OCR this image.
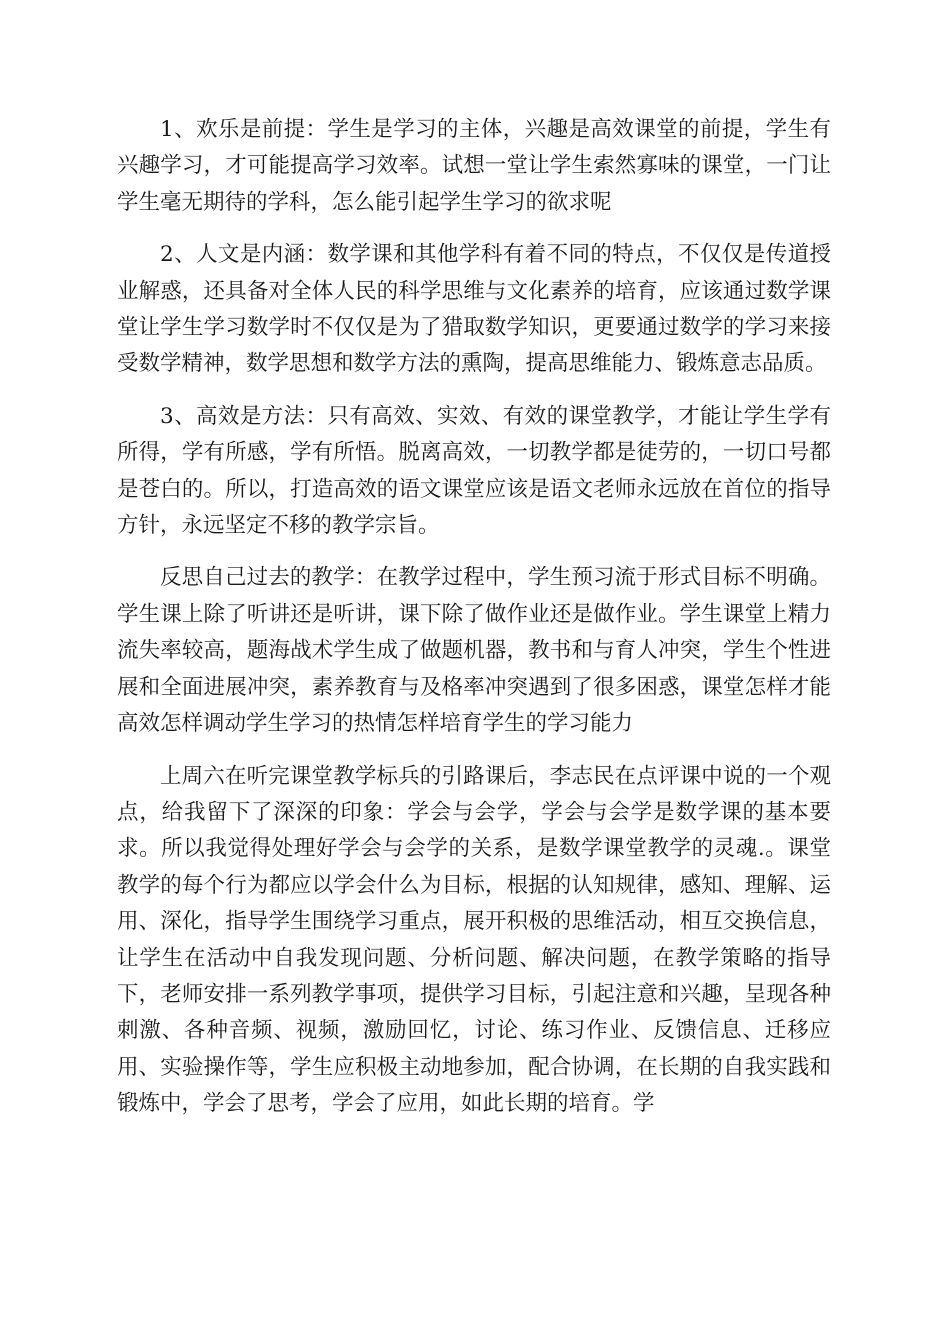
1、欢乐是前提：学生是学习的主体，兴趣是高效课堂的前提，学生有兴趣学习，才可能提高学习效率。试想一堂让学生索然寡味的课堂，一门让学生毫无期待的学科，怎么能引起学生学习的欲求呢

2、人文是内涵：数学课和其他学科有着不同的特点，不仅仅是传道授业解惑，还具备对全体人民的科学思维与文化素养的培育，应该通过数学课堂让学生学习数学时不仅仅是为了猎取数学知识，更要通过数学的学习来接受数学精神，数学思想和数学方法的熏陶，提高思维能力、锻炼意志品质。

3、高效是方法：只有高效、实效、有效的课堂教学，才能让学生学有所得，学有所感，学有所悟。脱离高效，一切教学都是徒劳的，一切口号都是苍白的。所以，打造高效的语文课堂应该是语文老师永远放在首位的指导方针，永远坚定不移的教学宗旨。

反思自己过去的教学：在教学过程中，学生预习流于形式目标不明确。学生课上除了听讲还是听讲，课下除了做作业还是做作业。学生课堂上精力流失率较高，题海战术学生成了做题机器，教书和与育人冲突，学生个性进展和全面进展冲突，素养教育与及格率冲突遇到了很多困惑，课堂怎样才能高效怎样调动学生学习的热情怎样培育学生的学习能力

上周六在听完课堂教学标兵的引路课后，李志民在点评课中说的一个观点，给我留下了深深的印象：学会与会学，学会与会学是数学课的基本要求。所以我觉得处理好学会与会学的关系，是数学课堂教学的灵魂.。课堂教学的每个行为都应以学会什么为目标，根据的认知规律，感知、理解、运用、深化，指导学生围绕学习重点，展开积极的思维活动，相互交换信息，让学生在活动中自我发现问题、分析问题、解决问题，在教学策略的指导下，老师安排一系列教学事项，提供学习目标，引起注意和兴趣，呈现各种刺激、各种音频、视频，激励回忆，讨论、练习作业、反馈信息、迁移应用、实验操作等，学生应积极主动地参加，配合协调，在长期的自我实践和锻炼中，学会了思考，学会了应用，如此长期的培育。学
